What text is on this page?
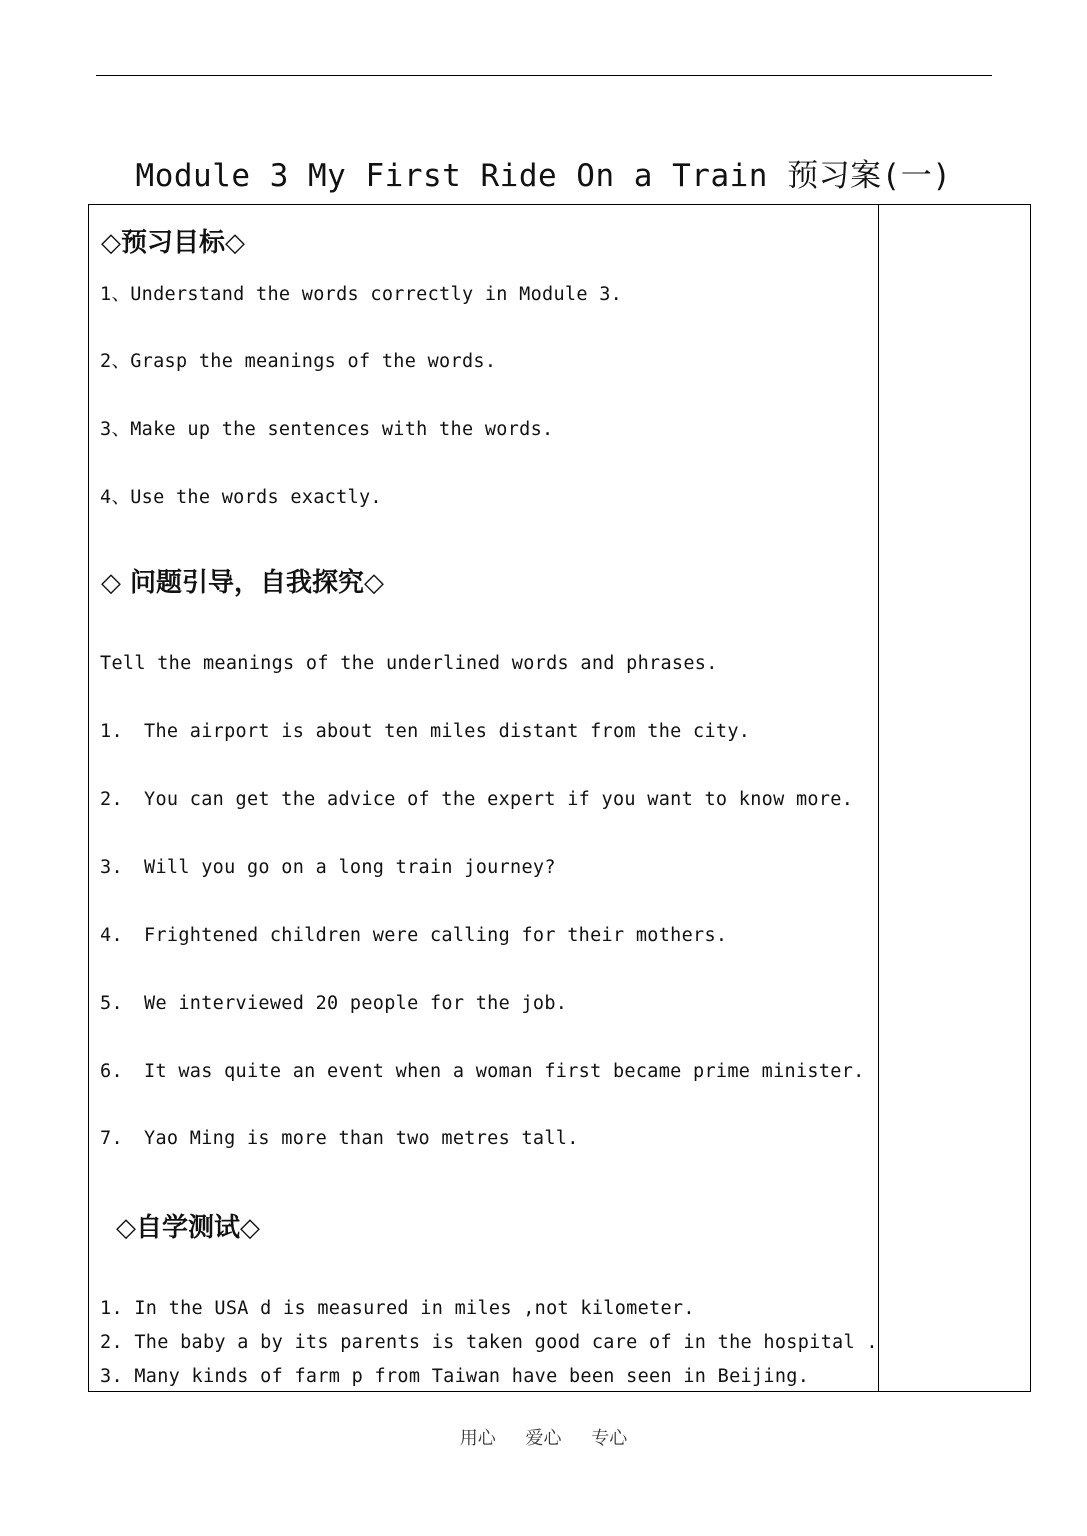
Module 3 My First Ride On a Train 预习案(一)
◇预习目标◇
1、Understand the words correctly in Module 3.
2、Grasp the meanings of the words.
3、Make up the sentences with the words.
4、Use the words exactly.
◇ 问题引导，自我探究◇
Tell the meanings of the underlined words and phrases.
1. The airport is about ten miles distant from the city.
2. You can get the advice of the expert if you want to know more.
3. Will you go on a long train journey?
4. Frightened children were calling for their mothers.
5. We interviewed 20 people for the job.
6. It was quite an event when a woman first became prime minister.
7. Yao Ming is more than two metres tall.
◇自学测试◇
1. In the USA d is measured in miles ,not kilometer.
2. The baby a by its parents is taken good care of in the hospital .
3. Many kinds of farm p from Taiwan have been seen in Beijing.
用心 爱心 专心
